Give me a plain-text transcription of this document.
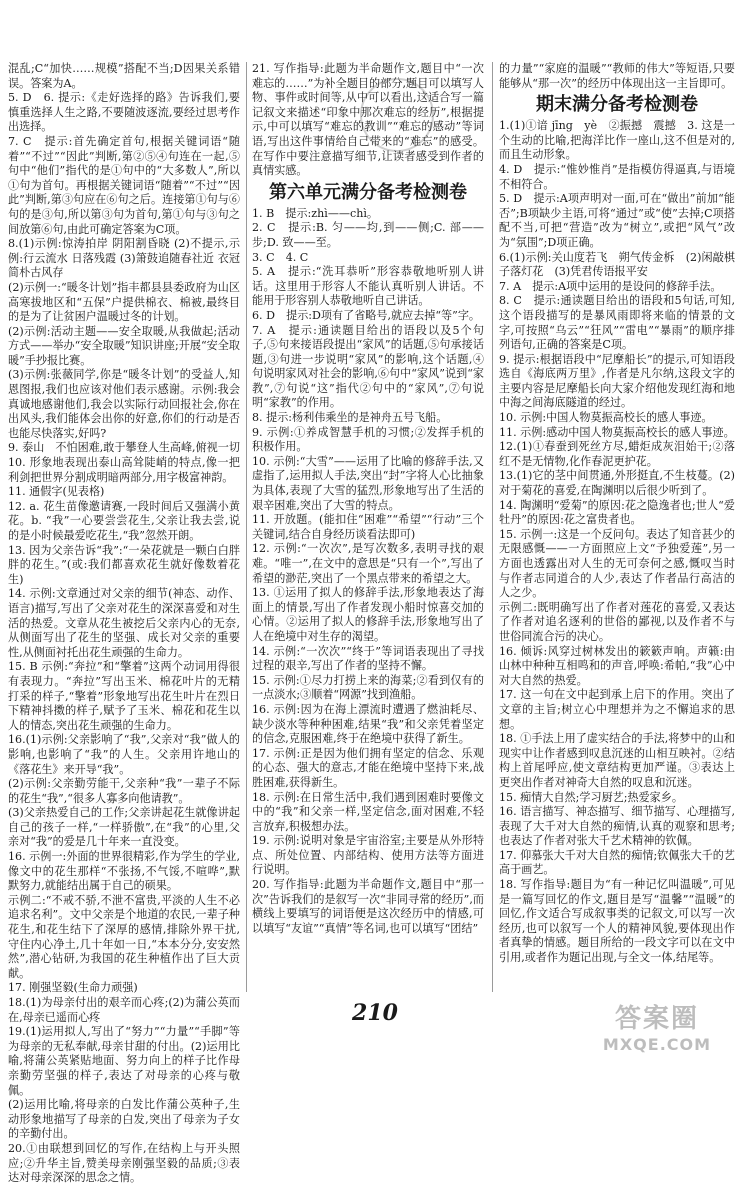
混乱;C“加快……规模”搭配不当;D因果关系错误。答案为A。

5. D　6. 提示:《走好选择的路》告诉我们,要慎重选择人生之路,不要随波逐流,要经过思考作出选择。

7. C　提示:首先确定首句,根据关键词语“随着”“不过”“因此”判断,第②⑤④句连在一起,⑤句中“他们”指代的是①句中的“大多数人”,所以①句为首句。再根据关键词语“随着”“不过”“因此”判断,第③句应在⑥句之后。连接第①句与⑥句的是③句,所以第③句为首句,第①句与③句之间放第⑥句,由此可确定答案为C项。

8.(1)示例:惊涛拍岸 阴阳割昏晓 (2)不提示,示例:行云流水 日落残霞 (3)箫鼓追随春社近 衣冠简朴古风存

(2)示例一:“暖冬计划”指丰都县县委政府为山区高寒拔地区和“五保”户提供棉衣、棉被,最终目的是为了让贫困户温暖过冬的计划。

(2)示例:活动主题——安全取暖,从我做起;活动方式——举办“安全取暖”知识讲座;开展“安全取暖”手抄报比赛。

(3)示例:张薇同学,你是“暖冬计划”的受益人,知恩图报,我们也应该对他们表示感谢。示例:我会真诚地感谢他们,我会以实际行动回报社会,你在出风头,我们能体会出你的好意,你们的行动是否也能尽快落实,好吗?

9. 泰山　不怕困难,敢于攀登人生高峰,俯视一切

10. 形象地表现出泰山高耸陡峭的特点,像一把利剑把世界分割成明暗两部分,用字极富神韵。

11. 通假字(见表格)

12. a. 花生苗像邀请赛,一段时间后又强满小黄花。b. “我”一心要尝尝花生,父亲让我去尝,说的是小时候最爱吃花生,“我”忽然开朗。

13. 因为父亲告诉“我”:“一朵花就是一颗白白胖胖的花生。”(或:我们都喜欢花生就好像数着花生)

14. 示例:文章通过对父亲的细节(神态、动作、语言)描写,写出了父亲对花生的深深喜爱和对生活的热爱。文章从花生被挖后父亲内心的无奈,从侧面写出了花生的坚强、成长对父亲的重要性,从侧面衬托出花生顽强的生命力。

15. B 示例:“奔拉”和“擎着”这两个动词用得很有表现力。“奔拉”写出玉米、棉花叶片的无精打采的样子,“擎着”形象地写出花生叶片在烈日下精神抖擞的样子,赋予了玉米、棉花和花生以人的情态,突出花生顽强的生命力。

16.(1)示例:父亲影响了“我”,父亲对“我”做人的影响,也影响了“我”的人生。父亲用许地山的《落花生》来开导“我”。

(2)示例:父亲勤劳能干,父亲种“我”一辈子不际的花生“我”,“很多人寡多向他请教”。

(3)父亲热爱自己的工作;父亲讲起花生就像讲起自己的孩子一样,“一样骄傲”,在“我”的心里,父亲对“我”的爱是几十年来一直没变。

16. 示例一:外面的世界很精彩,作为学生的学业,像文中的花生那样“不张扬,不气馁,不喧哗”,默默努力,就能结出属于自己的硕果。

示例二:“不戒不骄,不泄不富贵,平淡的人生不必追求名利”。文中父亲是个地道的农民,一辈子种花生,和花生结下了深厚的感情,排除外界干扰,守住内心净土,几十年如一日,“本本分分,安安然然”,潜心钻研,为我国的花生种植作出了巨大贡献。

17. 刚强坚毅(生命力顽强)

18.(1)为母亲付出的艰辛而心疼;(2)为蒲公英而在,母亲已遥而心疼

19.(1)运用拟人,写出了“努力”“力量”“手脚”等为母亲的无私奉献,母亲甘甜的付出。(2)运用比喻,将蒲公英紧贴地面、努力向上的样子比作母亲勤劳坚强的样子,表达了对母亲的心疼与敬佩。

(2)运用比喻,将母亲的白发比作蒲公英种子,生动形象地描写了母亲的白发,突出了母亲为子女的辛勤付出。

20.①由联想到回忆的写作,在结构上与开头照应;②升华主旨,赞美母亲刚强坚毅的品质;③表达对母亲深深的思念之情。

21. 写作指导:此题为半命题作文,题目中“一次难忘的……”为补全题目的部分,题目可以填写人物、事件或时间等,从中可以看出,这适合写一篇记叙文来描述“印象中那次难忘的经历”,根据提示,中可以填写“难忘的教训”“难忘的感动”等词语,写出这件事情给自己带来的“难忘”的感受。在写作中要注意描写细节,让读者感受到作者的真情实感。

第六单元满分备考检测卷

1. B　提示:zhì——chì。

2. C　提示:B. 匀——均,到——侧;C. 部——步;D. 致——至。

3. C　4. C

5. A　提示:“洗耳恭听”形容恭敬地听别人讲话。这里用于形容人不能认真听别人讲话。不能用于形容别人恭敬地听自己讲话。

6. D　提示:D项有了省略号,就应去掉“等”字。

7. A　提示:通读题目给出的语段以及5个句子,⑤句来接语段提出“家风”的话题,⑤句承接话题,③句进一步说明“家风”的影响,这个话题,④句说明家风对社会的影响,⑥句中“家风”说到“家教”,⑦句说“这”指代②句中的“家风”,⑦句说明“家教”的作用。

8. 提示:杨利伟乘坐的是神舟五号飞船。

9. 示例:①养成智慧手机的习惯;②发挥手机的积极作用。

10. 示例:“大雪”——运用了比喻的修辞手法,又虚指了,运用拟人手法,突出“封”字将人心比抽象为具体,表现了大雪的猛烈,形象地写出了生活的艰辛困难,突出了大雪的特点。

11. 开放题。(能扣住“困难”“希望”“行动”三个关键词,结合自身经历谈看法即可)

12. 示例:“一次次”,是写次数多,表明寻找的艰难。“唯一”,在文中的意思是“只有一个”,写出了希望的渺茫,突出了一个黑点带来的希望之大。

13. ①运用了拟人的修辞手法,形象地表达了海面上的情景,写出了作者发现小船时惊喜交加的心情。②运用了拟人的修辞手法,形象地写出了人在绝境中对生存的渴望。

14. 示例:“一次次”“终于”等词语表现出了寻找过程的艰辛,写出了作者的坚持不懈。

15. 示例:①尽力打捞上来的海菜;②看到仅有的一点淡水;③顺着“网源”找到渔船。

16. 示例:因为在海上漂流时遭遇了燃油耗尽、缺少淡水等种种困难,结果“我”和父亲凭着坚定的信念,克服困难,终于在绝境中获得了新生。

17. 示例:正是因为他们拥有坚定的信念、乐观的心态、强大的意志,才能在绝境中坚持下来,战胜困难,获得新生。

18. 示例:在日常生活中,我们遇到困难时要像文中的“我”和父亲一样,坚定信念,面对困难,不轻言放弃,积极想办法。

19. 示例:说明对象是宇宙浴室;主要是从外形特点、所处位置、内部结构、使用方法等方面进行说明。

20. 写作指导:此题为半命题作文,题目中“那一次”告诉我们的是叙写一次“非同寻常的经历”,而横线上要填写的词语便是这次经历中的情感,可以填写“友谊”“真情”等名词,也可以填写“团结”

的力量”“家庭的温暖”“教师的伟大”等短语,只要能够从“那一次”的经历中体现出这一主旨即可。

期末满分备考检测卷

1.(1)①谙 jīng　yè　②振撼　震撼　3. 这是一个生动的比喻,把海洋比作一座山,这不但是对的,而且生动形象。

4. D　提示:“惟妙惟肖”是指模仿得逼真,与语境不相符合。

5. D　提示:A项声明对一面,可在“做出”前加“能否”;B项缺少主语,可将“通过”或“使”去掉;C项搭配不当,可把“营造”改为“树立”,或把“风气”改为“氛围”;D项正确。

6.(1)示例:关山度若飞　朔气传金柝　(2)闲敲棋子落灯花　(3)凭君传语报平安

7. A　提示:A项中运用的是设问的修辞手法。

8. C　提示:通读题目给出的语段和5句话,可知,这个语段描写的是暴风雨即将来临的情景的文字,可按照“乌云”“狂风”“雷电”“暴雨”的顺序排列语句,正确的答案是C项。

9. 提示:根据语段中“尼摩船长”的提示,可知语段选自《海底两万里》,作者是凡尔纳,这段文字的主要内容是尼摩船长向大家介绍他发现红海和地中海之间海底隧道的经过。

10. 示例:中国人物莫振高校长的感人事迹。

11. 示例:感动中国人物莫振高校长的感人事迹。

12.(1)①春蚕到死丝方尽,蜡炬成灰泪始干;②落红不是无情物,化作春泥更护花。

13.(1)它的茎中间贯通,外形挺直,不生枝蔓。(2)对于菊花的喜爱,在陶渊明以后很少听到了。

14. 陶渊明“爱菊”的原因:花之隐逸者也;世人“爱牡丹”的原因:花之富贵者也。

15. 示例一:这是一个反问句。表达了知音甚少的无限感慨——一方面照应上文“予独爱莲”,另一方面也透露出对人生的无可奈何之感,慨叹当时与作者志同道合的人少,表达了作者品行高洁的人之少。

示例二:既明确写出了作者对莲花的喜爱,又表达了作者对追名逐利的世俗的鄙视,以及作者不与世俗同流合污的决心。

16. 倾诉:风穿过树林发出的簌簌声响。声籁:由山林中种种互相鸣和的声音,呼唤:希帕,“我”心中对大自然的热爱。

17. 这一句在文中起到承上启下的作用。突出了文章的主旨;树立心中理想并为之不懈追求的思想。

18. ①手法上用了虚实结合的手法,将梦中的山和现实中让作者感到叹息沉迷的山相互映衬。②结构上首尾呼应,使文章结构更加严谨。③表达上更突出作者对神奇大自然的叹息和沉迷。

15. 痴情大自然;学习厨艺;热爱家乡。

16. 语言描写、神态描写、细节描写、心理描写,表现了大千对大自然的痴情,认真的观察和思考;也表达了作者对张大千艺术精神的钦佩。

17. 仰慕张大千对大自然的痴情;钦佩张大千的艺高于画艺。

18. 写作指导:题目为“有一种记忆叫温暖”,可见是一篇写回忆的作文,题目是写“温馨”“温暖”的回忆,作文适合写成叙事类的记叙文,可以写一次经历,也可以叙写一个人的精神风貌,要体现出作者真挚的情感。题目所给的一段文字可以在文中引用,或者作为题记出现,与全文一体,结尾等。

210	答案圈
MXQE.COM
